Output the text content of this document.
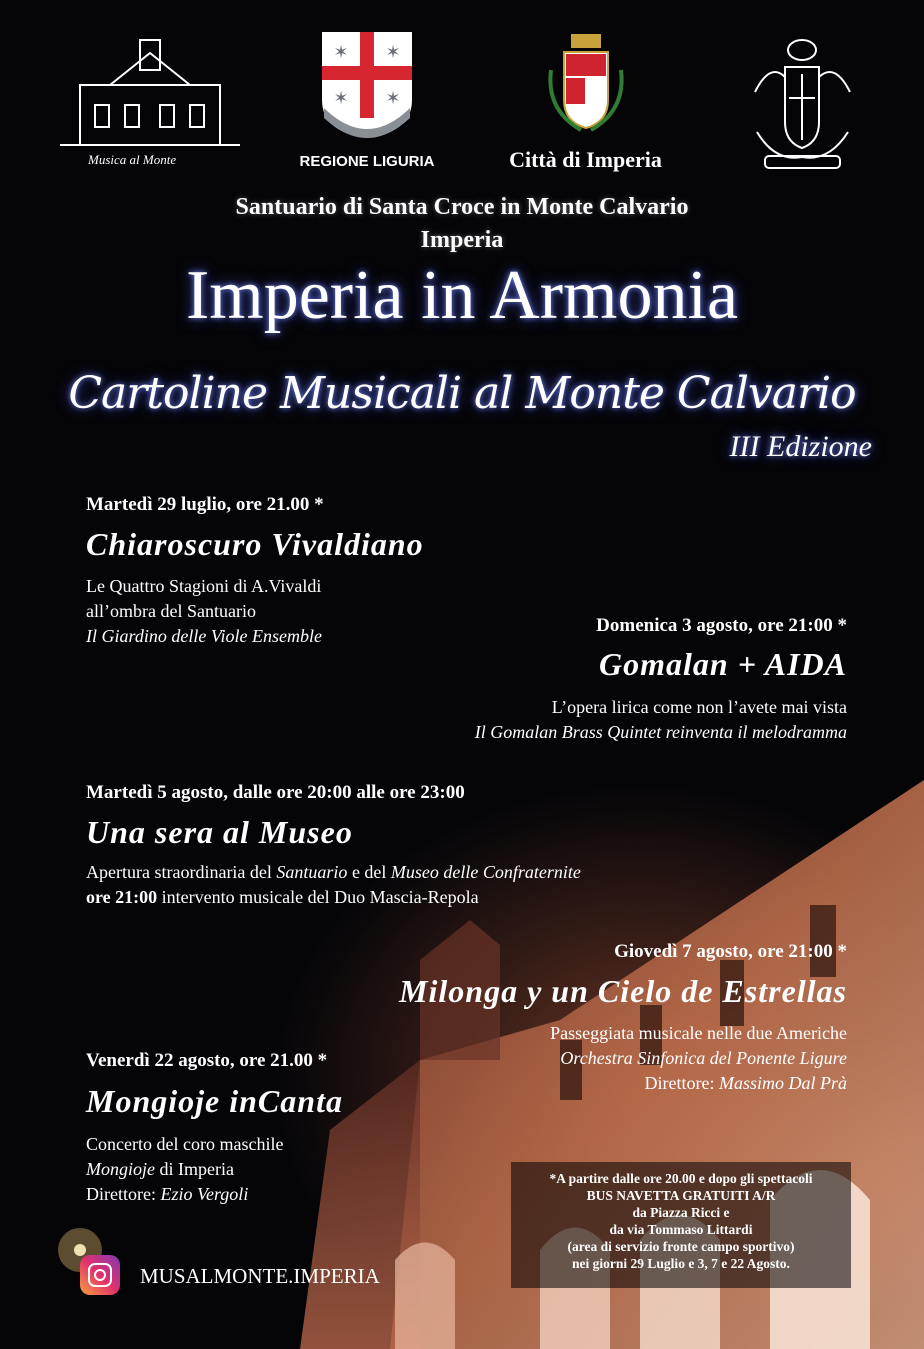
Musica al Monte
✶ ✶
✶ ✶
REGIONE LIGURIA	Città di Imperia
Santuario di Santa Croce in Monte Calvario
Imperia
Imperia in Armonia
Cartoline Musicali al Monte Calvario
III Edizione
Martedì 29 luglio, ore 21.00 *
Chiaroscuro Vivaldiano
Le Quattro Stagioni di A.Vivaldi
all’ombra del Santuario
Il Giardino delle Viole Ensemble	Domenica 3 agosto, ore 21:00 *
Gomalan + AIDA
L’opera lirica come non l’avete mai vista
Il Gomalan Brass Quintet reinventa il melodramma
Martedì 5 agosto, dalle ore 20:00 alle ore 23:00
Una sera al Museo
Apertura straordinaria del Santuario e del Museo delle Confraternite
ore 21:00 intervento musicale del Duo Mascia-Repola
Giovedì 7 agosto, ore 21:00 *
Milonga y un Cielo de Estrellas
Passeggiata musicale nelle due Americhe
Orchestra Sinfonica del Ponente Ligure
Direttore: Massimo Dal Prà
Venerdì 22 agosto, ore 21.00 *
Mongioje inCanta
Concerto del coro maschile
Mongioje di Imperia
Direttore: Ezio Vergoli
MUSALMONTE.IMPERIA
*A partire dalle ore 20.00 e dopo gli spettacoli
BUS NAVETTA GRATUITI A/R
da Piazza Ricci e
da via Tommaso Littardi
(area di servizio fronte campo sportivo)
nei giorni 29 Luglio e 3, 7 e 22 Agosto.
